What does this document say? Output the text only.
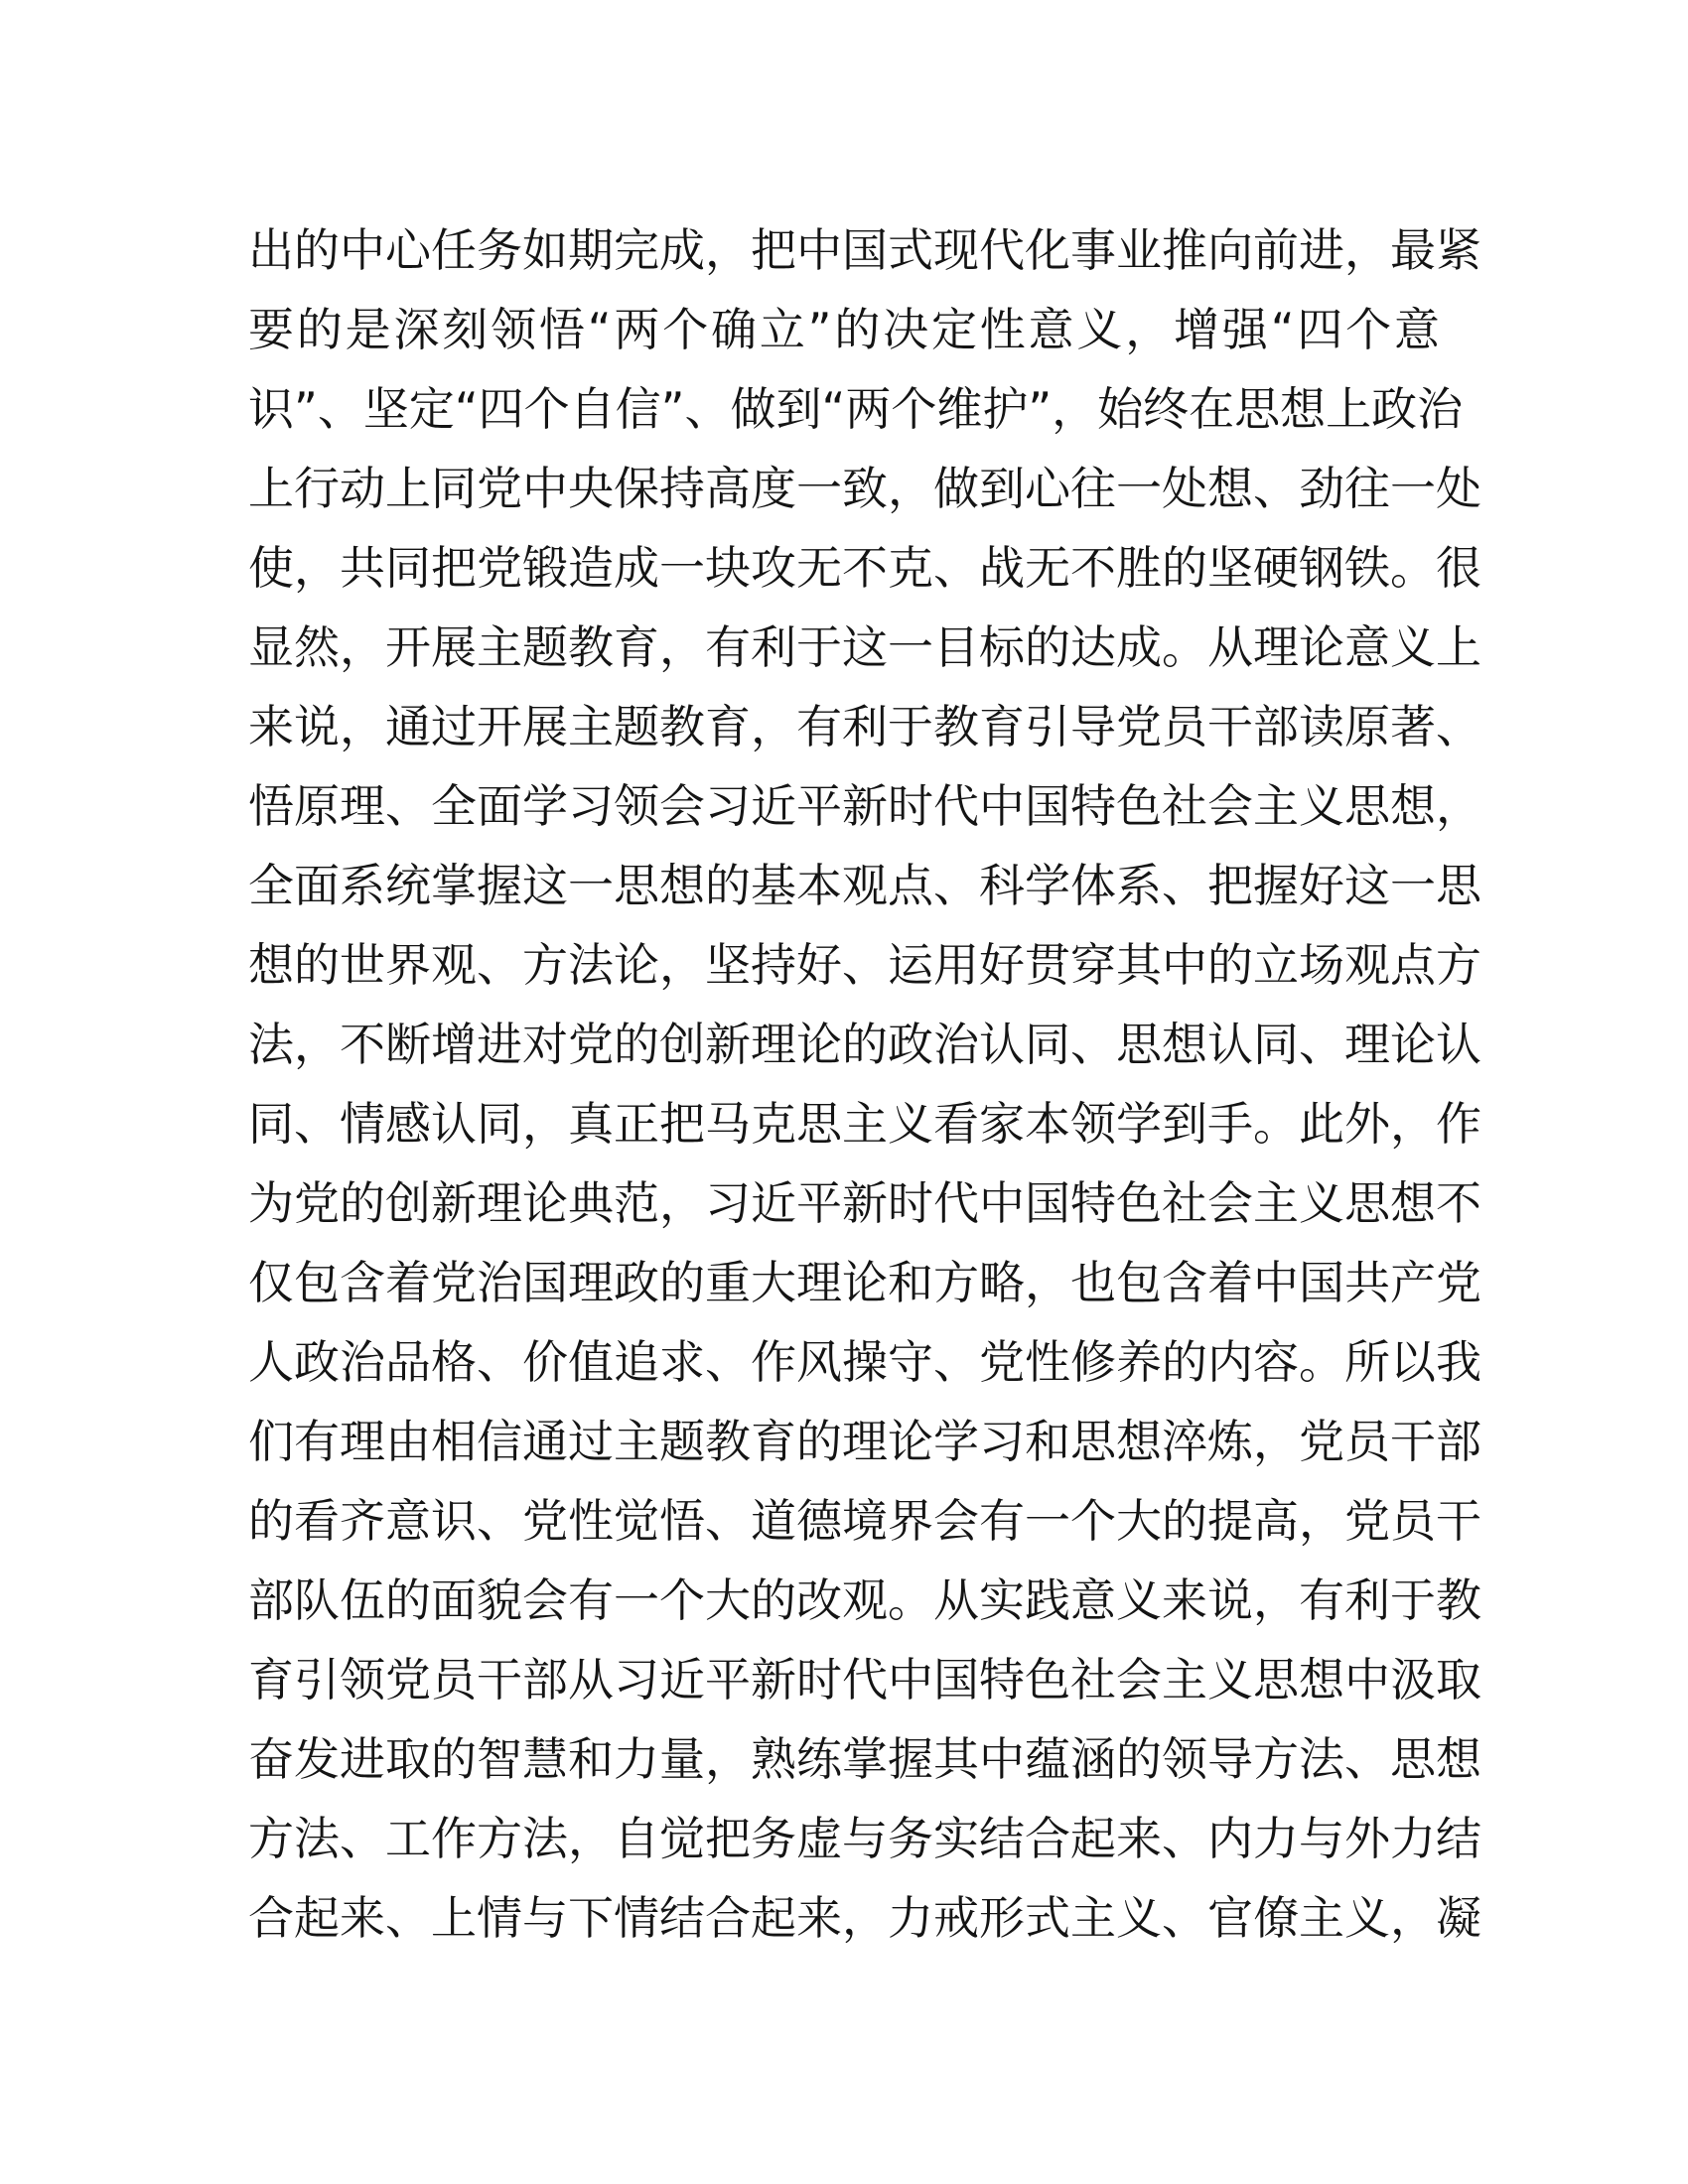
出的中心任务如期完成，把中国式现代化事业推向前进，最紧
要的是深刻领悟“两个确立”的决定性意义，增强“四个意
识”、坚定“四个自信”、做到“两个维护”，始终在思想上政治
上行动上同党中央保持高度一致，做到心往一处想、劲往一处
使，共同把党锻造成一块攻无不克、战无不胜的坚硬钢铁。很
显然，开展主题教育，有利于这一目标的达成。从理论意义上
来说，通过开展主题教育，有利于教育引导党员干部读原著、
悟原理、全面学习领会习近平新时代中国特色社会主义思想，
全面系统掌握这一思想的基本观点、科学体系、把握好这一思
想的世界观、方法论，坚持好、运用好贯穿其中的立场观点方
法，不断增进对党的创新理论的政治认同、思想认同、理论认
同、情感认同，真正把马克思主义看家本领学到手。此外，作
为党的创新理论典范，习近平新时代中国特色社会主义思想不
仅包含着党治国理政的重大理论和方略，也包含着中国共产党
人政治品格、价值追求、作风操守、党性修养的内容。所以我
们有理由相信通过主题教育的理论学习和思想淬炼，党员干部
的看齐意识、党性觉悟、道德境界会有一个大的提高，党员干
部队伍的面貌会有一个大的改观。从实践意义来说，有利于教
育引领党员干部从习近平新时代中国特色社会主义思想中汲取
奋发进取的智慧和力量，熟练掌握其中蕴涵的领导方法、思想
方法、工作方法，自觉把务虚与务实结合起来、内力与外力结
合起来、上情与下情结合起来，力戒形式主义、官僚主义，凝
